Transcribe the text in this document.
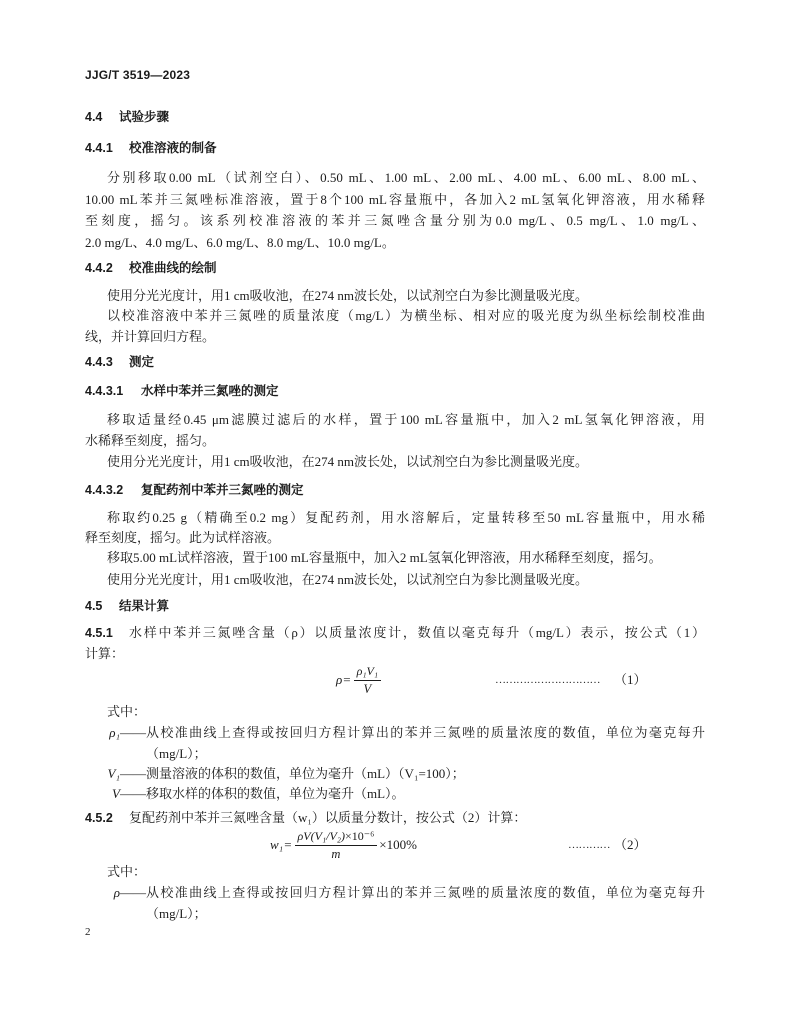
JJG/T 3519—2023
4.4 试验步骤
4.4.1 校准溶液的制备
分别移取0.00 mL（试剂空白）、0.50 mL、1.00 mL、2.00 mL、4.00 mL、6.00 mL、8.00 mL、
10.00 mL苯并三氮唑标准溶液，置于8个100 mL容量瓶中，各加入2 mL氢氧化钾溶液，用水稀释
至刻度，摇匀。该系列校准溶液的苯并三氮唑含量分别为0.0 mg/L、0.5 mg/L、1.0 mg/L、
2.0 mg/L、4.0 mg/L、6.0 mg/L、8.0 mg/L、10.0 mg/L。
4.4.2 校准曲线的绘制
使用分光光度计，用1 cm吸收池，在274 nm波长处，以试剂空白为参比测量吸光度。
以校准溶液中苯并三氮唑的质量浓度（mg/L）为横坐标、相对应的吸光度为纵坐标绘制校准曲
线，并计算回归方程。
4.4.3 测定
4.4.3.1 水样中苯并三氮唑的测定
移取适量经0.45 μm滤膜过滤后的水样，置于100 mL容量瓶中，加入2 mL氢氧化钾溶液，用
水稀释至刻度，摇匀。
使用分光光度计，用1 cm吸收池，在274 nm波长处，以试剂空白为参比测量吸光度。
4.4.3.2 复配药剂中苯并三氮唑的测定
称取约0.25 g（精确至0.2 mg）复配药剂，用水溶解后，定量转移至50 mL容量瓶中，用水稀
释至刻度，摇匀。此为试样溶液。
移取5.00 mL试样溶液，置于100 mL容量瓶中，加入2 mL氢氧化钾溶液，用水稀释至刻度，摇匀。
使用分光光度计，用1 cm吸收池，在274 nm波长处，以试剂空白为参比测量吸光度。
4.5 结果计算
4.5.1 水样中苯并三氮唑含量（ρ）以质量浓度计，数值以毫克每升（mg/L）表示，按公式（1）
计算：
$\rho = \frac{\text{ρ₁V₁}}{V}$	………………………… （1）
式中：
ρ₁ —— 从校准曲线上查得或按回归方程计算出的苯并三氮唑的质量浓度的数值，单位为毫克每升
（mg/L）；
V₁ —— 测量溶液的体积的数值，单位为毫升（mL）（V₁=100）；
V —— 移取水样的体积的数值，单位为毫升（mL）。
4.5.2 复配药剂中苯并三氮唑含量（w₁）以质量分数计，按公式（2）计算：
$w_1 = \frac{\text{ρV(V₁/V₂)×10⁻⁶}}{m} \times 100\%$	………… （2）
式中：
ρ —— 从校准曲线上查得或按回归方程计算出的苯并三氮唑的质量浓度的数值，单位为毫克每升
（mg/L）；
2
